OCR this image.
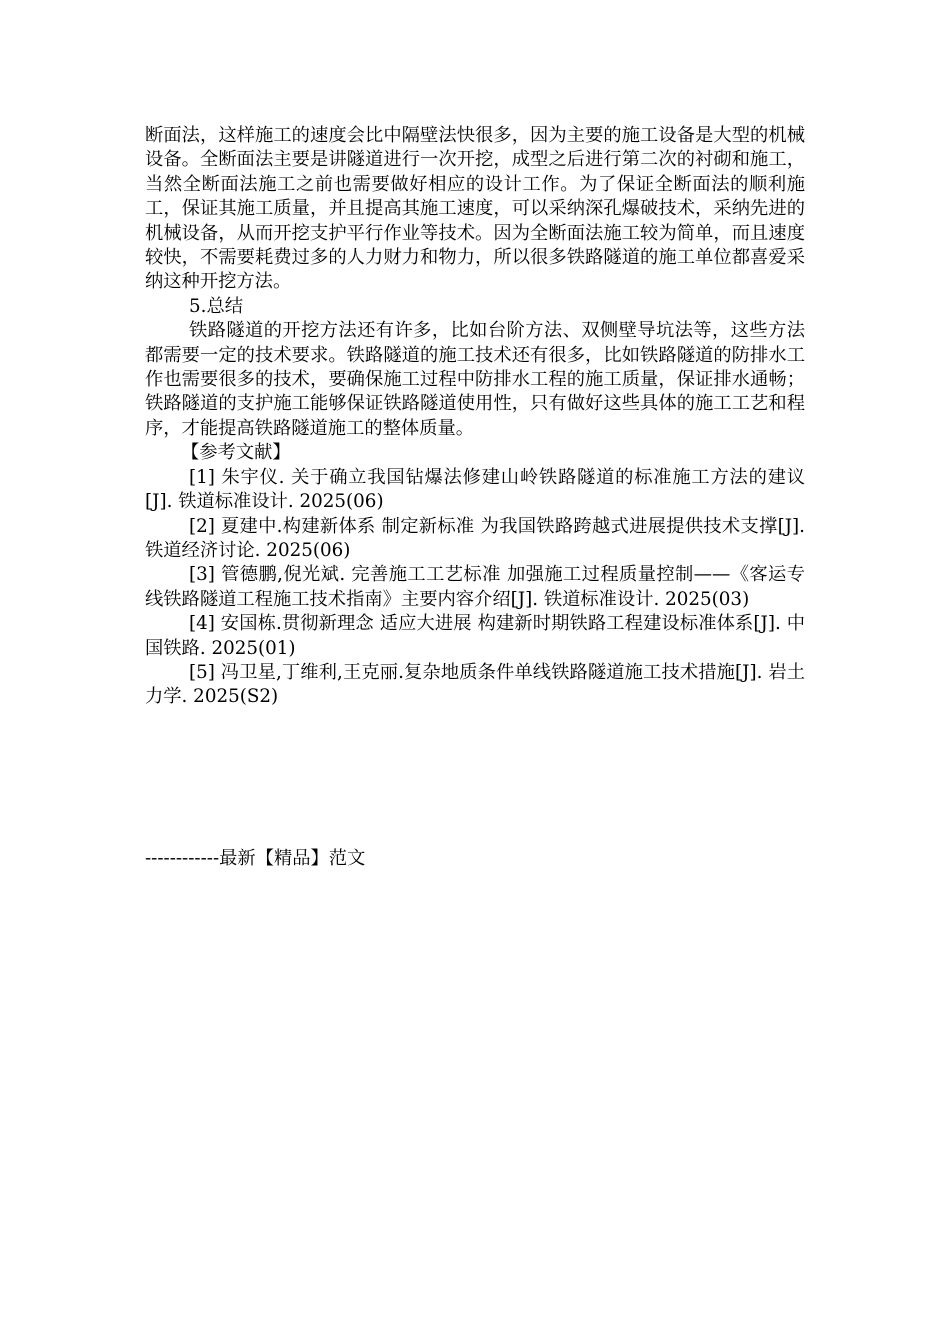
断面法，这样施工的速度会比中隔壁法快很多，因为主要的施工设备是大型的机械设备。全断面法主要是讲隧道进行一次开挖，成型之后进行第二次的衬砌和施工，当然全断面法施工之前也需要做好相应的设计工作。为了保证全断面法的顺利施工，保证其施工质量，并且提高其施工速度，可以采纳深孔爆破技术，采纳先进的机械设备，从而开挖支护平行作业等技术。因为全断面法施工较为简单，而且速度较快，不需要耗费过多的人力财力和物力，所以很多铁路隧道的施工单位都喜爱采纳这种开挖方法。

5.总结

铁路隧道的开挖方法还有许多，比如台阶方法、双侧壁导坑法等，这些方法都需要一定的技术要求。铁路隧道的施工技术还有很多，比如铁路隧道的防排水工作也需要很多的技术，要确保施工过程中防排水工程的施工质量，保证排水通畅；铁路隧道的支护施工能够保证铁路隧道使用性，只有做好这些具体的施工工艺和程序，才能提高铁路隧道施工的整体质量。

【参考文献】

[1] 朱宇仪. 关于确立我国钻爆法修建山岭铁路隧道的标准施工方法的建议[J]. 铁道标准设计. 2025(06)

[2] 夏建中.构建新体系 制定新标准 为我国铁路跨越式进展提供技术支撑[J]. 铁道经济讨论. 2025(06)

[3] 管德鹏,倪光斌. 完善施工工艺标准 加强施工过程质量控制——《客运专线铁路隧道工程施工技术指南》主要内容介绍[J]. 铁道标准设计. 2025(03)

[4] 安国栋.贯彻新理念 适应大进展 构建新时期铁路工程建设标准体系[J]. 中国铁路. 2025(01)

[5] 冯卫星,丁维利,王克丽.复杂地质条件单线铁路隧道施工技术措施[J]. 岩土力学. 2025(S2)

------------最新【精品】范文
